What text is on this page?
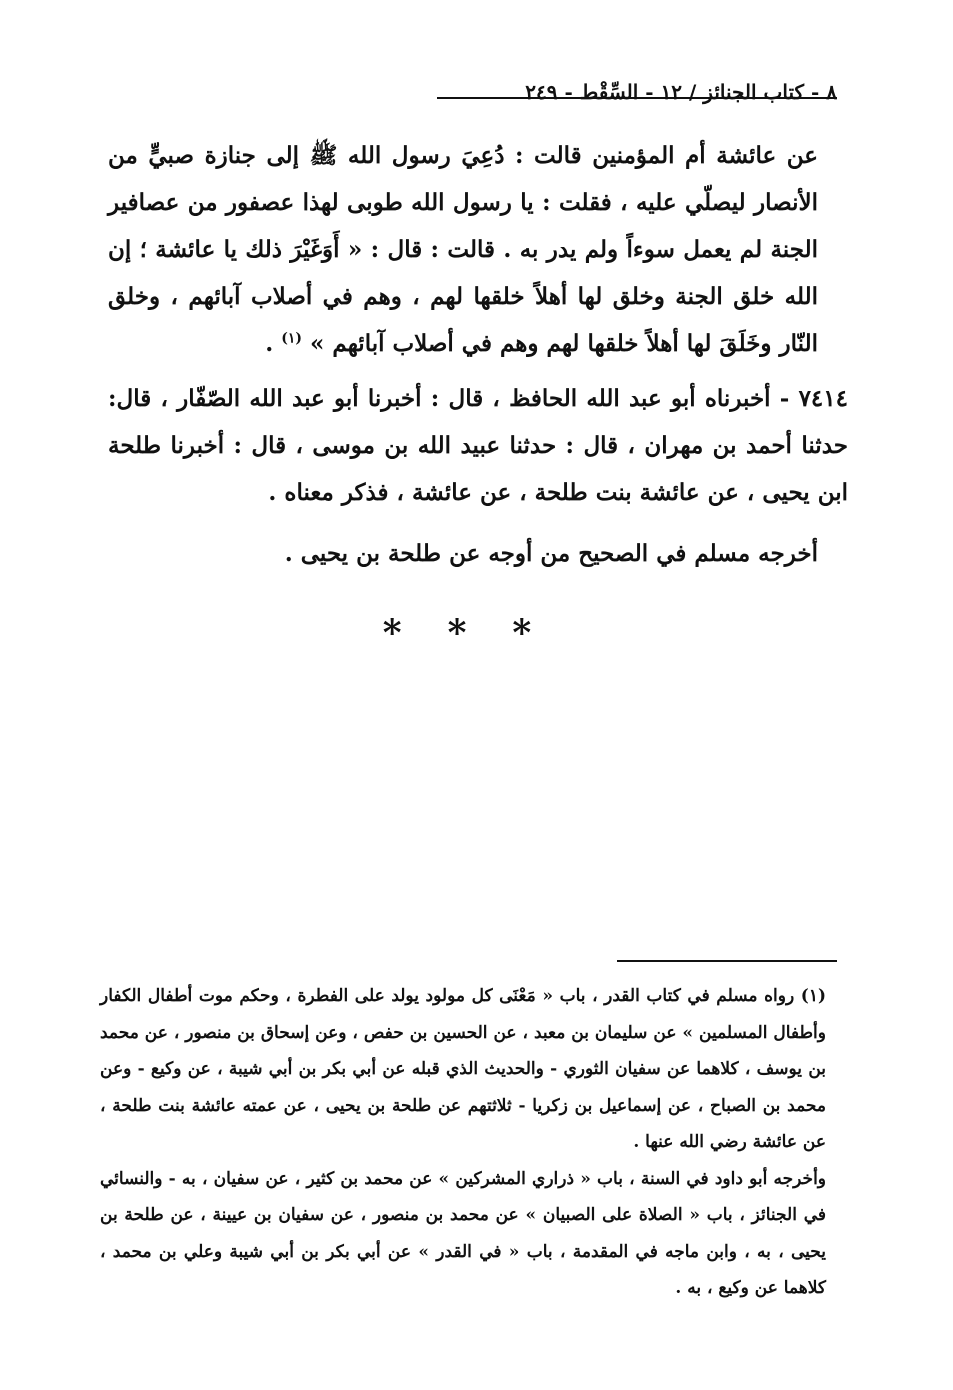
٨ - كتاب الجنائز / ١٢ - السِّقْط - ٢٤٩

عن عائشة أم المؤمنين قالت : دُعِيَ رسول الله ﷺ إلى جنازة صبيٍّ من الأنصار ليصلّي عليه ، فقلت : يا رسول الله طوبى لهذا عصفور من عصافير الجنة لم يعمل سوءاً ولم يدر به . قالت : قال : « أَوَغَيْرَ ذلك يا عائشة ؛ إن الله خلق الجنة وخلق لها أهلاً خلقها لهم ، وهم في أصلاب آبائهم ، وخلق النّار وخَلَقَ لها أهلاً خلقها لهم وهم في أصلاب آبائهم » $^{(١)}$ .

٧٤١٤ - أخبرناه أبو عبد الله الحافظ ، قال : أخبرنا أبو عبد الله الصّفّار ، قال: حدثنا أحمد بن مهران ، قال : حدثنا عبيد الله بن موسى ، قال : أخبرنا طلحة ابن يحيى ، عن عائشة بنت طلحة ، عن عائشة ، فذكر معناه .

أخرجه مسلم في الصحيح من أوجه عن طلحة بن يحيى .

***

(١) رواه مسلم في كتاب القدر ، باب « مَعْنَى كل مولود يولد على الفطرة ، وحكم موت أطفال الكفار وأطفال المسلمين » عن سليمان بن معبد ، عن الحسين بن حفص ، وعن إسحاق بن منصور ، عن محمد بن يوسف ، كلاهما عن سفيان الثوري - والحديث الذي قبله عن أبي بكر بن أبي شيبة ، عن وكيع - وعن محمد بن الصباح ، عن إسماعيل بن زكريا - ثلاثتهم عن طلحة بن يحيى ، عن عمته عائشة بنت طلحة ، عن عائشة رضي الله عنها .

وأخرجه أبو داود في السنة ، باب « ذراري المشركين » عن محمد بن كثير ، عن سفيان ، به - والنسائي في الجنائز ، باب « الصلاة على الصبيان » عن محمد بن منصور ، عن سفيان بن عيينة ، عن طلحة بن يحيى ، به ، وابن ماجه في المقدمة ، باب « في القدر » عن أبي بكر بن أبي شيبة وعلي بن محمد ، كلاهما عن وكيع ، به .
